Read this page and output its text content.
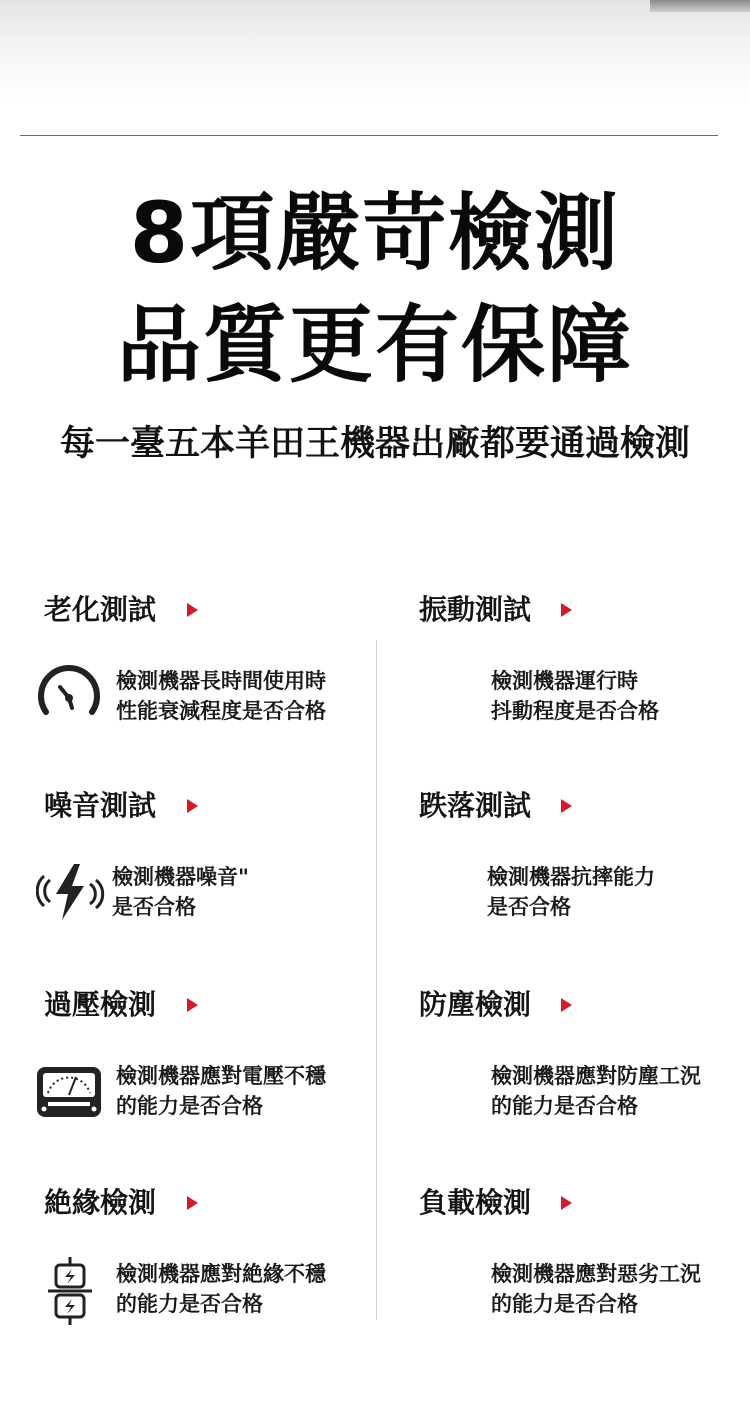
8項嚴苛檢測
品質更有保障
每一臺五本羊田王機器出廠都要通過檢測
老化測試
檢測機器長時間使用時
性能衰減程度是否合格
振動測試
檢測機器運行時
抖動程度是否合格
噪音測試
檢測機器噪音"
是否合格
跌落測試
檢測機器抗摔能力
是否合格
過壓檢測
檢測機器應對電壓不穩
的能力是否合格
防塵檢測
檢測機器應對防塵工況
的能力是否合格
絶緣檢測
檢測機器應對絶緣不穩
的能力是否合格
負載檢測
檢測機器應對惡劣工況
的能力是否合格
